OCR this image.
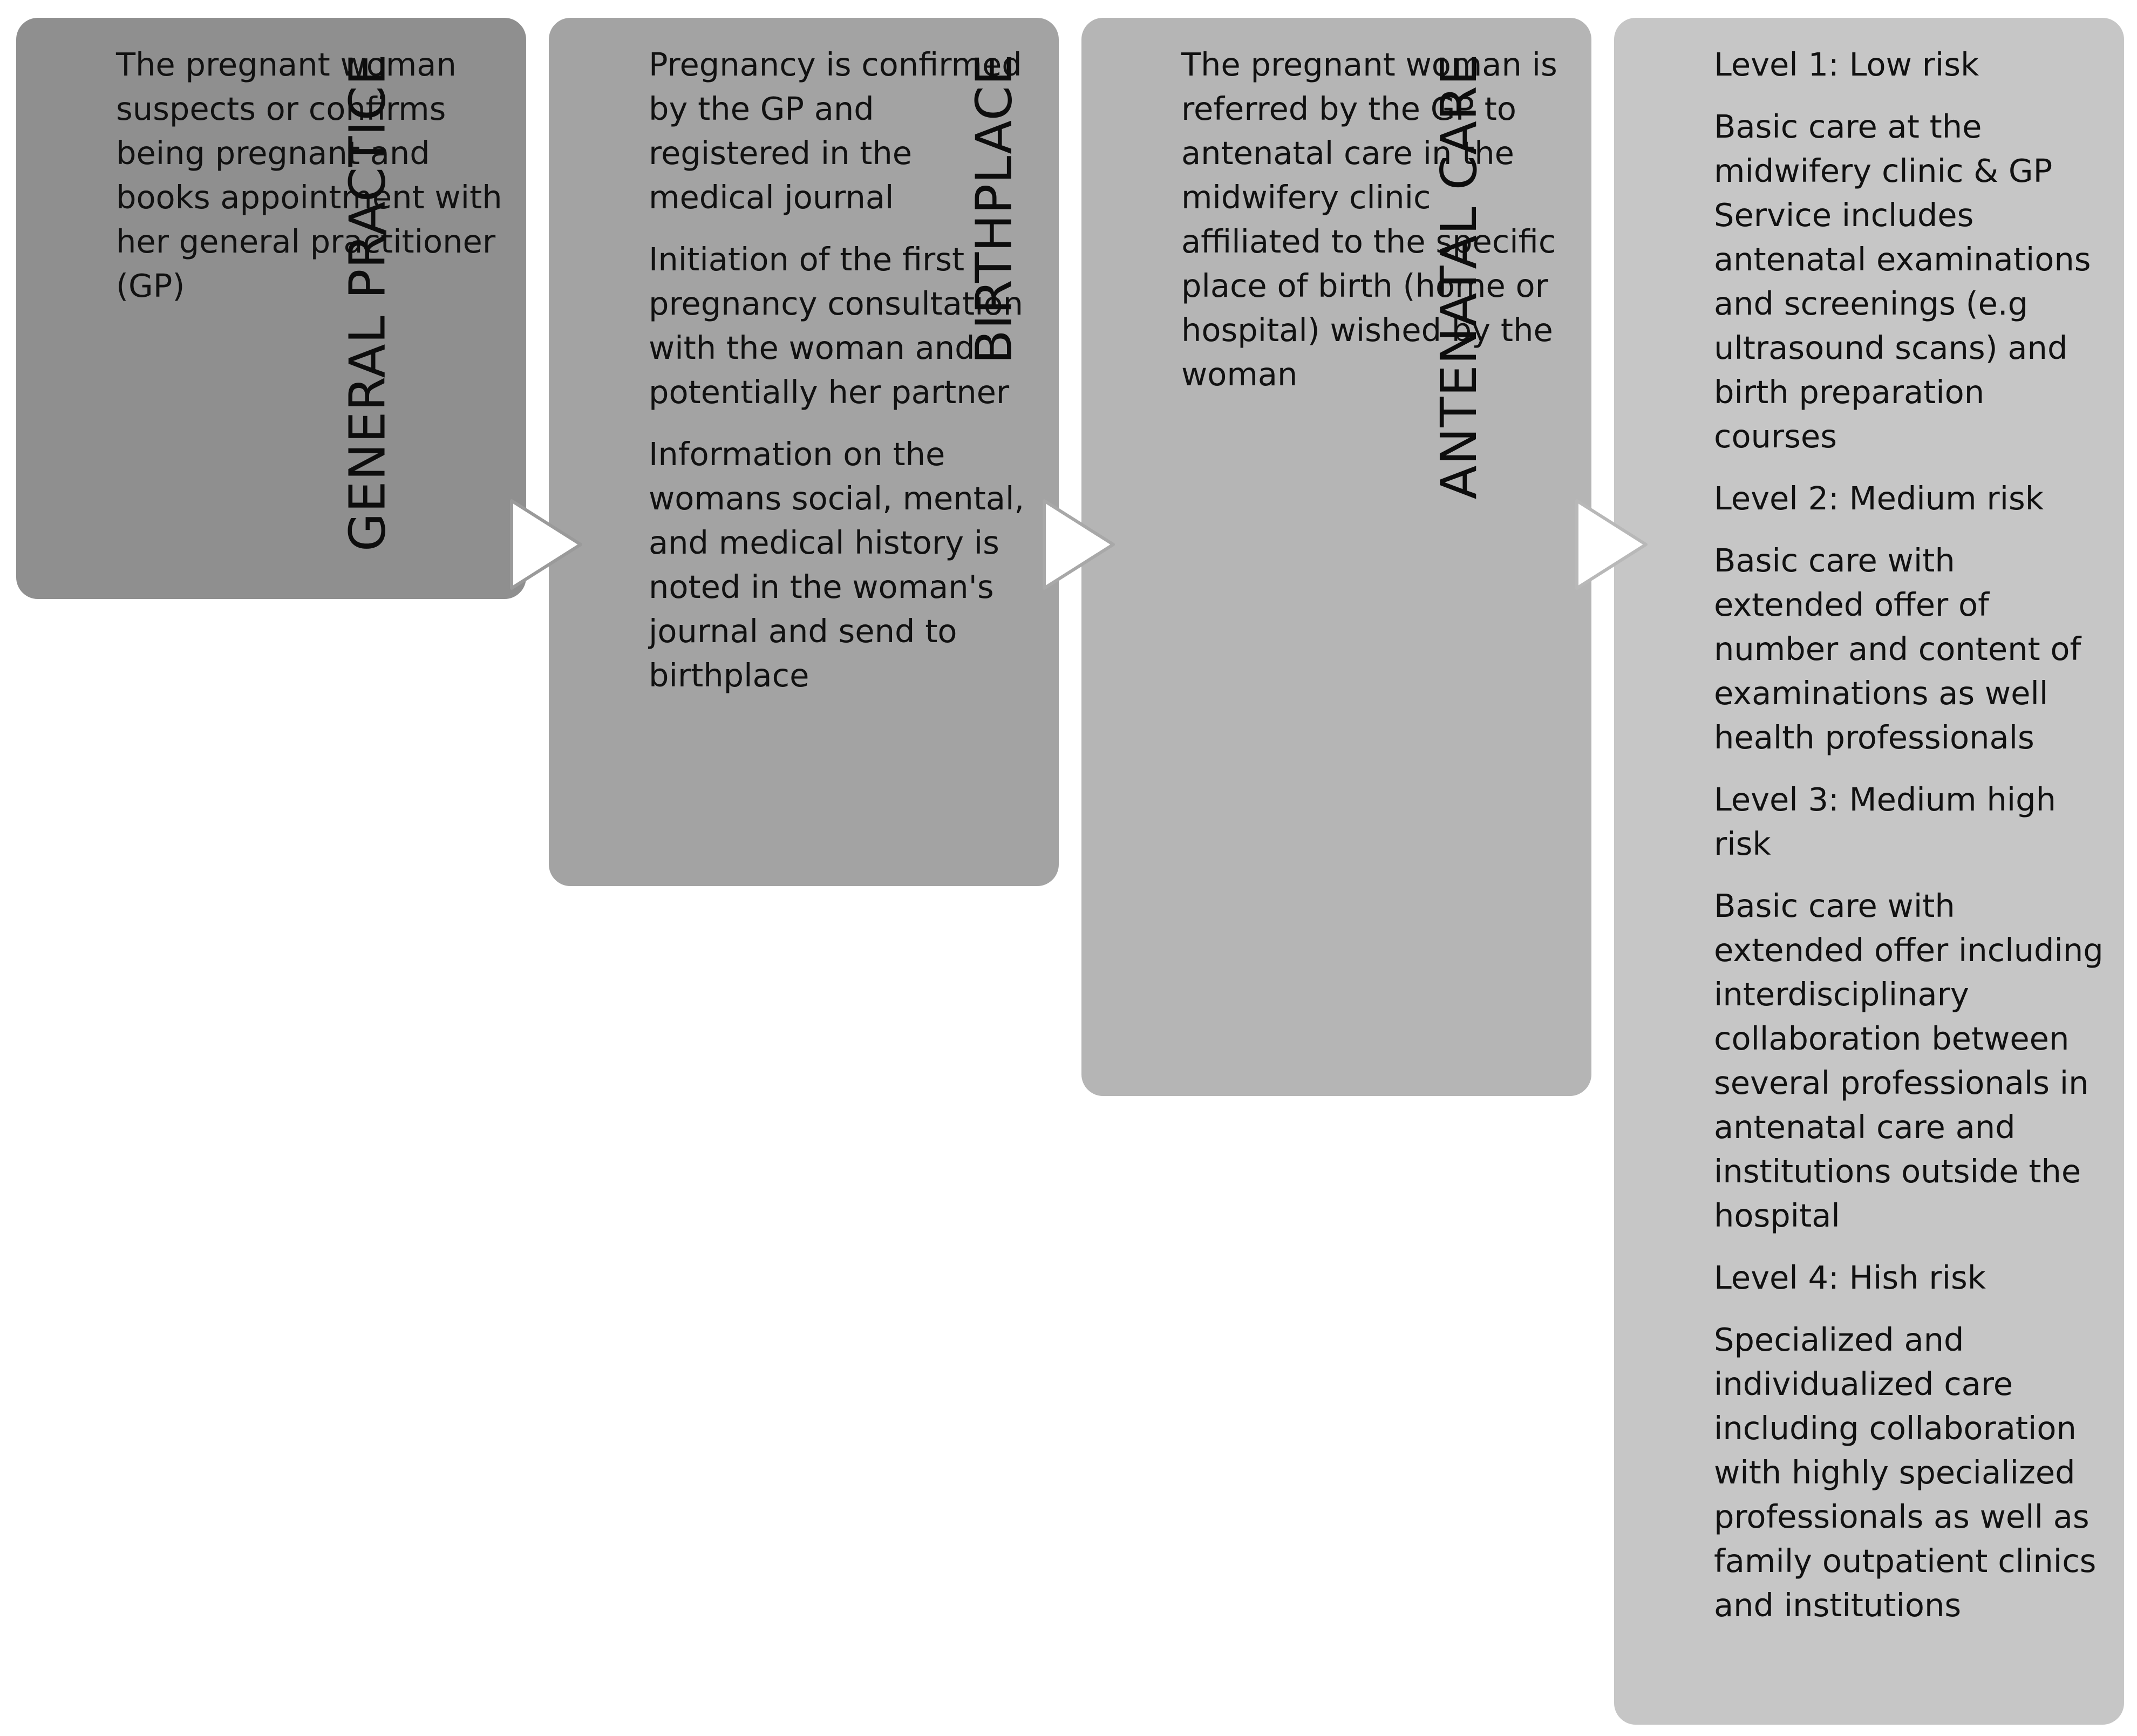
The pregnant woman suspects or confirms being pregnant and books appointment with her general practitioner (GP)	GENERAL PRACTICE	Pregnancy is confirmed by the GP and registered in the medical journal

Initiation of the first pregnancy consultation with the woman and potentially her partner

Information on the womans social, mental, and medical history is noted in the woman's journal and send to birthplace

BIRTHPLACE	The pregnant woman is referred by the GP to antenatal care in the midwifery clinic affiliated to the specific place of birth (home or hospital) wished by the woman	ANTENATAL CARE	Level 1: Low risk

Basic care at the midwifery clinic & GP Service includes antenatal examinations and screenings (e.g ultrasound scans) and birth preparation courses

Level 2: Medium risk

Basic care with extended offer of number and content of examinations as well health professionals

Level 3: Medium high risk

Basic care with extended offer including interdisciplinary collaboration between several professionals in antenatal care and institutions outside the hospital

Level 4: Hish risk

Specialized and individualized care including collaboration with highly specialized professionals as well as family outpatient clinics and institutions
